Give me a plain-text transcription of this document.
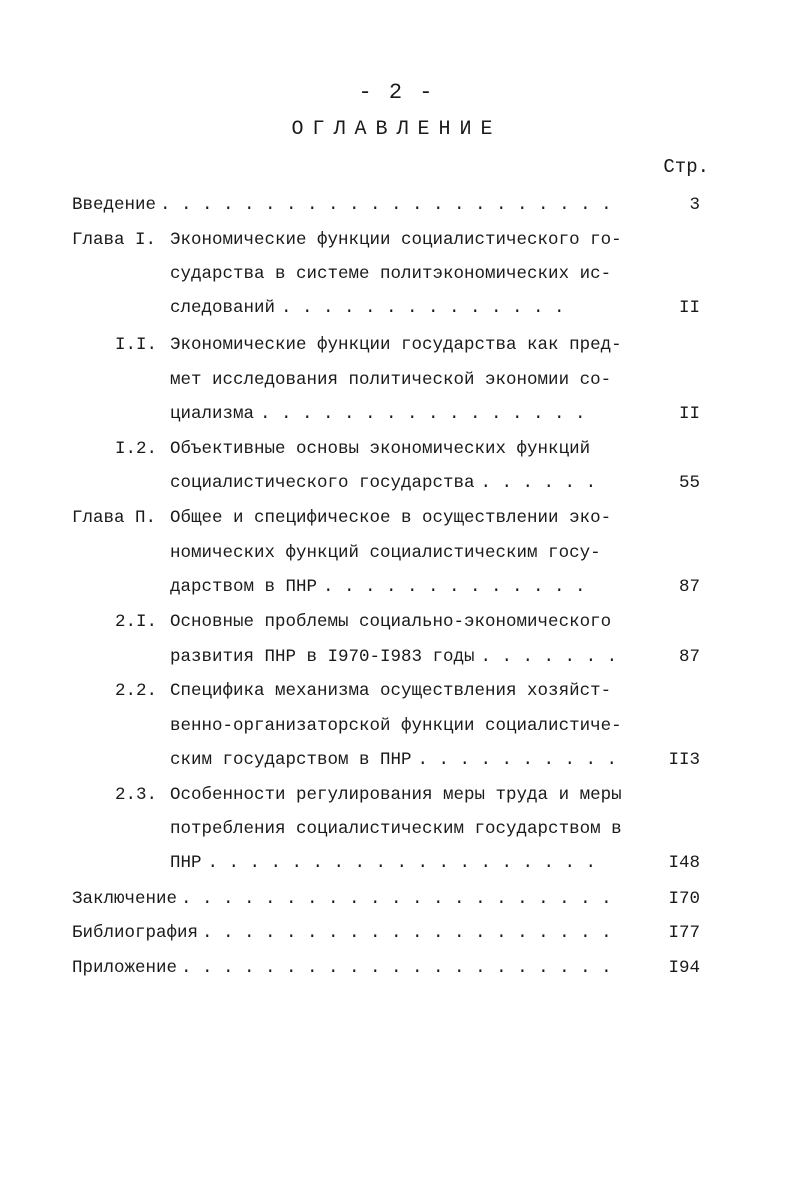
- 2 -
ОГЛАВЛЕНИЕ
Стр.
Введение . . . . . . . . . . . . . . . . . . . . . .	3
Глава I. Экономические функции социалистического го-
сударства в системе политэкономических ис-
следований . . . . . . . . . . . . . .	II
I.I. Экономические функции государства как пред-
мет исследования политической экономии со-
циализма . . . . . . . . . . . . . . . .	II
I.2. Объективные основы экономических функций
социалистического государства . . . . . .	55
Глава П. Общее и специфическое в осуществлении эко-
номических функций социалистическим госу-
дарством в ПНР . . . . . . . . . . . . .	87
2.I. Основные проблемы социально-экономического
развития ПНР в I970-I983 годы . . . . . . .	87
2.2. Специфика механизма осуществления хозяйст-
венно-организаторской функции социалистиче-
ским государством в ПНР . . . . . . . . . .	II3
2.3. Особенности регулирования меры труда и меры
потребления социалистическим государством в
ПНР . . . . . . . . . . . . . . . . . . .	I48
Заключение . . . . . . . . . . . . . . . . . . . . .	I70
Библиография . . . . . . . . . . . . . . . . . . . .	I77
Приложение . . . . . . . . . . . . . . . . . . . . .	I94
